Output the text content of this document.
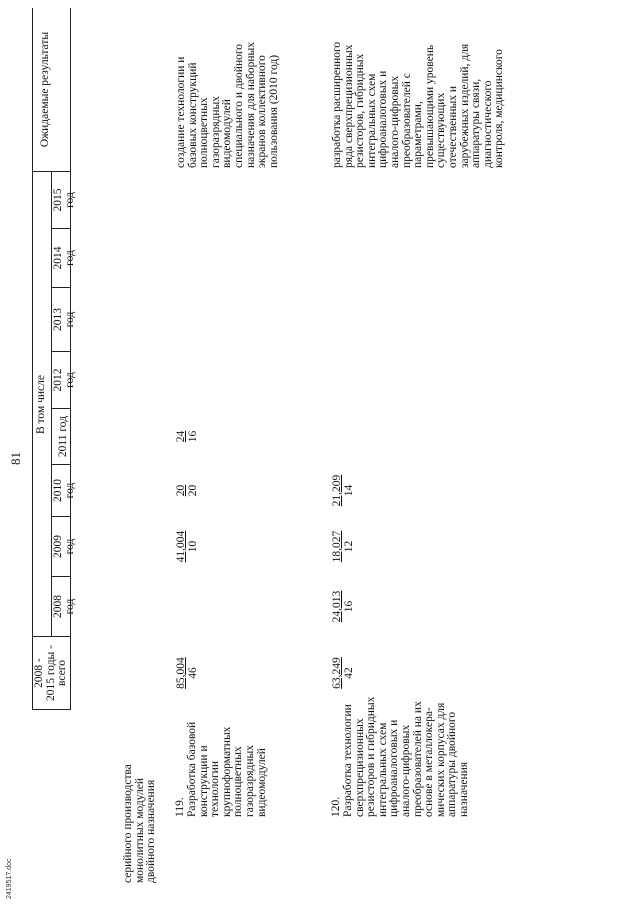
81
2419517.doc
2008 - 2015 годы - всего
В том числе
2008 год
2009 год
2010 год
2011 год
2012 год
2013 год
2014 год
2015 год
Ожидаемые результаты
серийного производства монолитных модулей двойного назначения 119. Разработка базовой конструкции и технологии крупноформатных полноцветных газоразрядных видеомодулей
85,004 46
41,004 10
20 20
24 16
создание технологии и базовых конструкций полноцветных газоразрядных видеомодулей специального и двойного назначения для наборных экранов коллективного пользования (2010 год)
120. Разработка технологии сверхпрецизионных резисторов и гибридных интегральных схем цифроаналоговых и аналого-цифровых преобразователей на их основе в металлокера- мических корпусах для аппаратуры двойного назначения
63,249 42
24,013 16
18,027 12
21,209 14
разработка расширенного ряда сверхпрецизионных резисторов, гибридных интегральных схем цифроаналоговых и аналого-цифровых преобразователей с параметрами, превышающими уровень существующих отечественных и зарубежных изделий, для аппаратуры связи, диагностического контроля, медицинского
